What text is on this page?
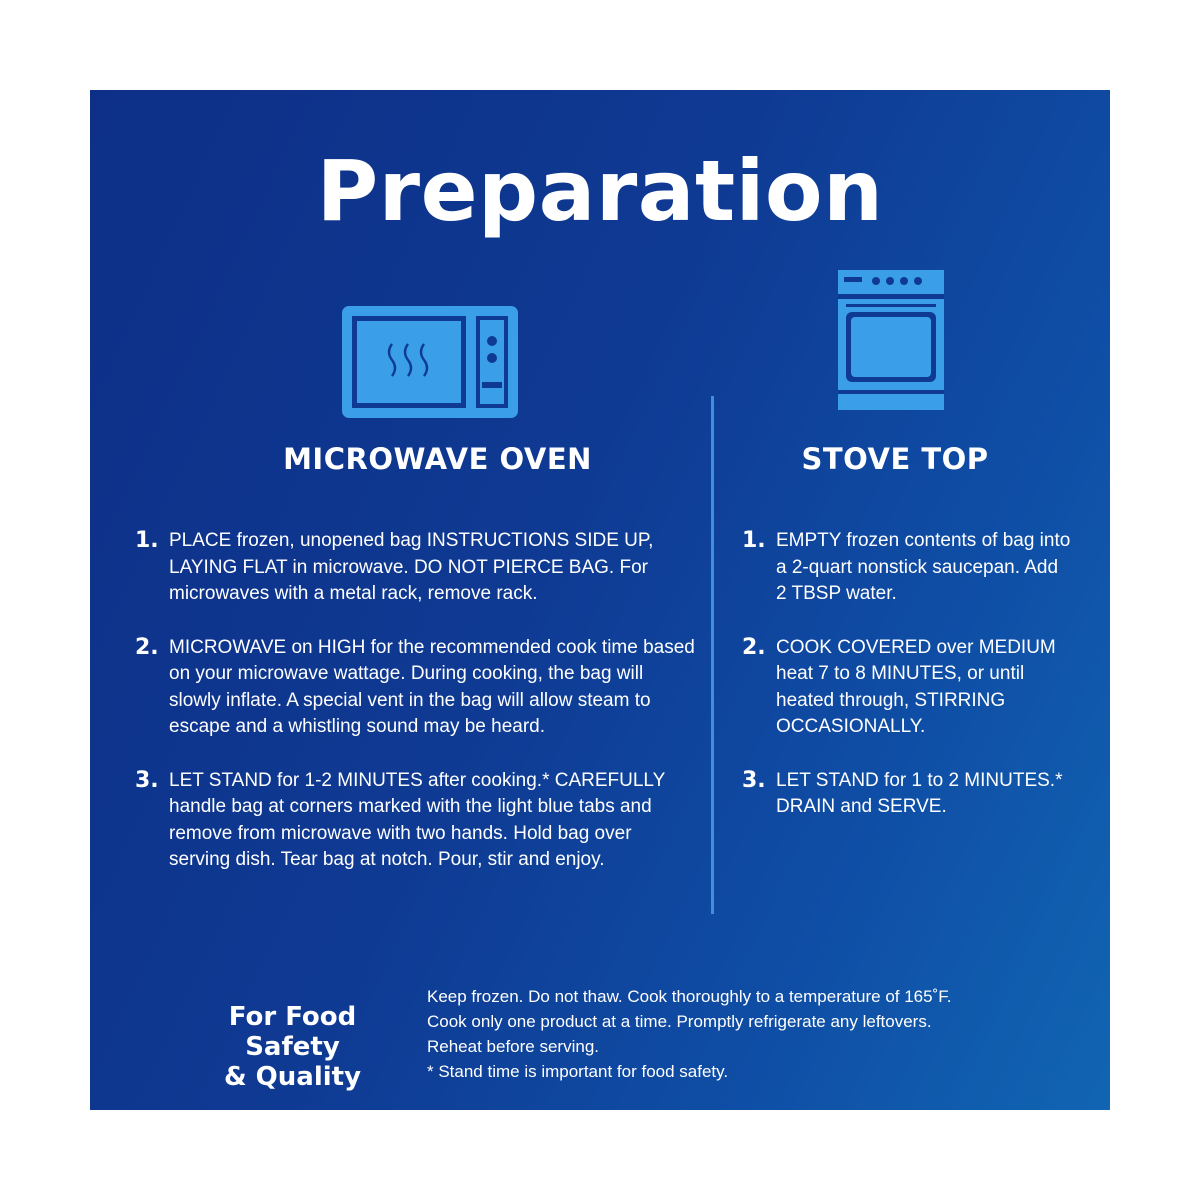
Preparation
MICROWAVE OVEN	STOVE TOP
1. PLACE frozen, unopened bag INSTRUCTIONS SIDE UP, LAYING FLAT in microwave. DO NOT PIERCE BAG. For microwaves with a metal rack, remove rack.

2. MICROWAVE on HIGH for the recommended cook time based on your microwave wattage. During cooking, the bag will slowly inflate. A special vent in the bag will allow steam to escape and a whistling sound may be heard.

3. LET STAND for 1-2 MINUTES after cooking.* CAREFULLY handle bag at corners marked with the light blue tabs and remove from microwave with two hands. Hold bag over serving dish. Tear bag at notch. Pour, stir and enjoy.

1. EMPTY frozen contents of bag into a 2-quart nonstick saucepan. Add 2 TBSP water.

2. COOK COVERED over MEDIUM heat 7 to 8 MINUTES, or until heated through, STIRRING OCCASIONALLY.

3. LET STAND for 1 to 2 MINUTES.* DRAIN and SERVE.

For Food Safety
& Quality
Keep frozen. Do not thaw. Cook thoroughly to a temperature of 165˚F.
Cook only one product at a time. Promptly refrigerate any leftovers.
Reheat before serving.
* Stand time is important for food safety.
